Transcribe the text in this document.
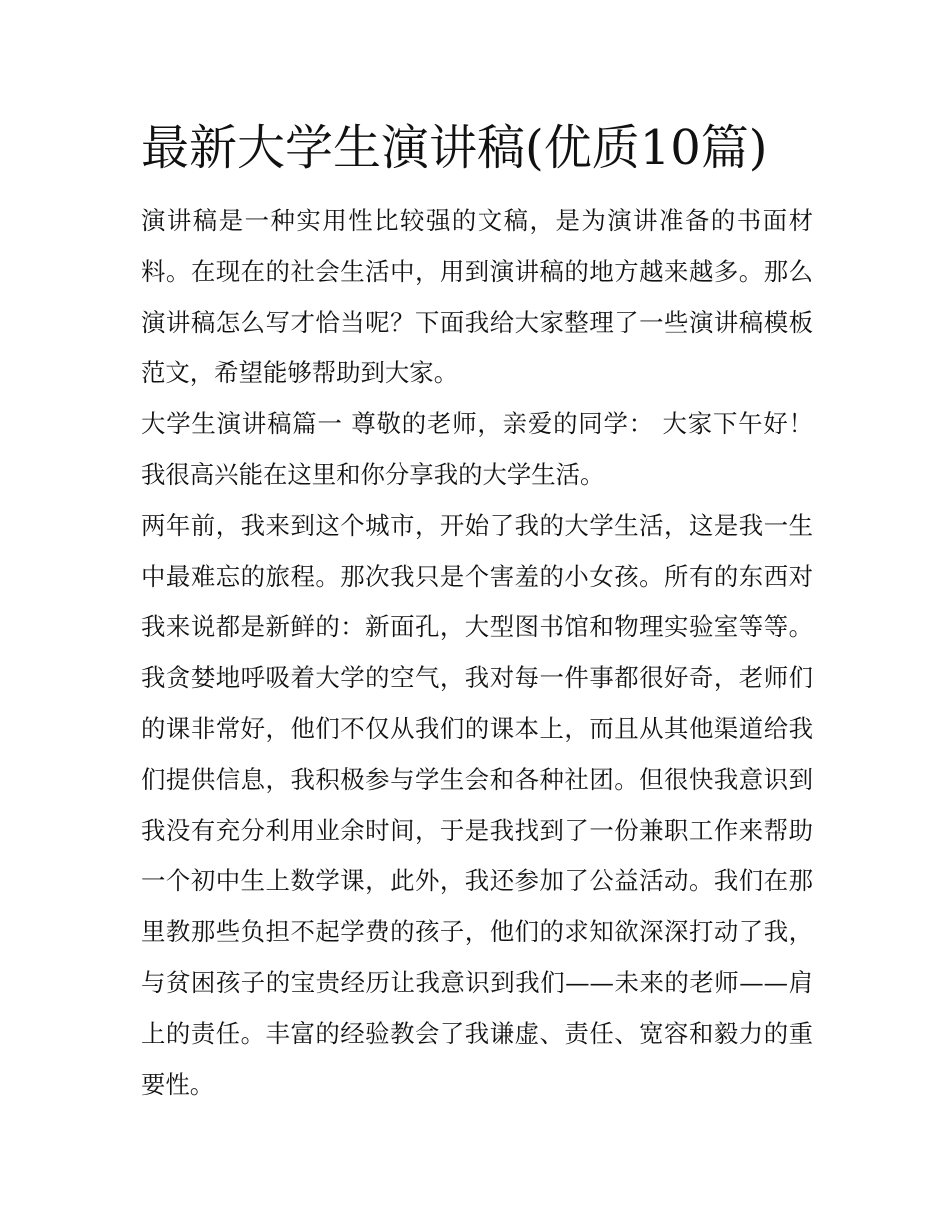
最新大学生演讲稿(优质10篇)

演讲稿是一种实用性比较强的文稿，是为演讲准备的书面材料。在现在的社会生活中，用到演讲稿的地方越来越多。那么演讲稿怎么写才恰当呢？下面我给大家整理了一些演讲稿模板范文，希望能够帮助到大家。

大学生演讲稿篇一 尊敬的老师，亲爱的同学： 大家下午好！我很高兴能在这里和你分享我的大学生活。

两年前，我来到这个城市，开始了我的大学生活，这是我一生中最难忘的旅程。那次我只是个害羞的小女孩。所有的东西对我来说都是新鲜的：新面孔，大型图书馆和物理实验室等等。我贪婪地呼吸着大学的空气，我对每一件事都很好奇，老师们的课非常好，他们不仅从我们的课本上，而且从其他渠道给我们提供信息，我积极参与学生会和各种社团。但很快我意识到我没有充分利用业余时间，于是我找到了一份兼职工作来帮助一个初中生上数学课，此外，我还参加了公益活动。我们在那里教那些负担不起学费的孩子，他们的求知欲深深打动了我，与贫困孩子的宝贵经历让我意识到我们——未来的老师——肩上的责任。丰富的经验教会了我谦虚、责任、宽容和毅力的重要性。
